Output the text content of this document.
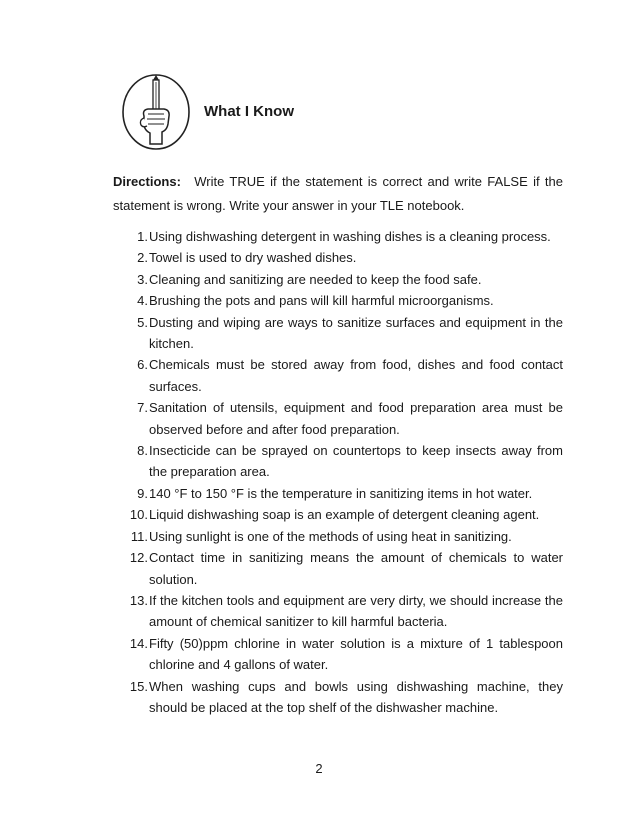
What I Know
Directions: Write TRUE if the statement is correct and write FALSE if the statement is wrong. Write your answer in your TLE notebook.
1. Using dishwashing detergent in washing dishes is a cleaning process.
2. Towel is used to dry washed dishes.
3. Cleaning and sanitizing are needed to keep the food safe.
4. Brushing the pots and pans will kill harmful microorganisms.
5. Dusting and wiping are ways to sanitize surfaces and equipment in the kitchen.
6. Chemicals must be stored away from food, dishes and food contact surfaces.
7. Sanitation of utensils, equipment and food preparation area must be observed before and after food preparation.
8. Insecticide can be sprayed on countertops to keep insects away from the preparation area.
9. 140 °F to 150 °F is the temperature in sanitizing items in hot water.
10. Liquid dishwashing soap is an example of detergent cleaning agent.
11. Using sunlight is one of the methods of using heat in sanitizing.
12. Contact time in sanitizing means the amount of chemicals to water solution.
13. If the kitchen tools and equipment are very dirty, we should increase the amount of chemical sanitizer to kill harmful bacteria.
14. Fifty (50)ppm chlorine in water solution is a mixture of 1 tablespoon chlorine and 4 gallons of water.
15. When washing cups and bowls using dishwashing machine, they should be placed at the top shelf of the dishwasher machine.
2
